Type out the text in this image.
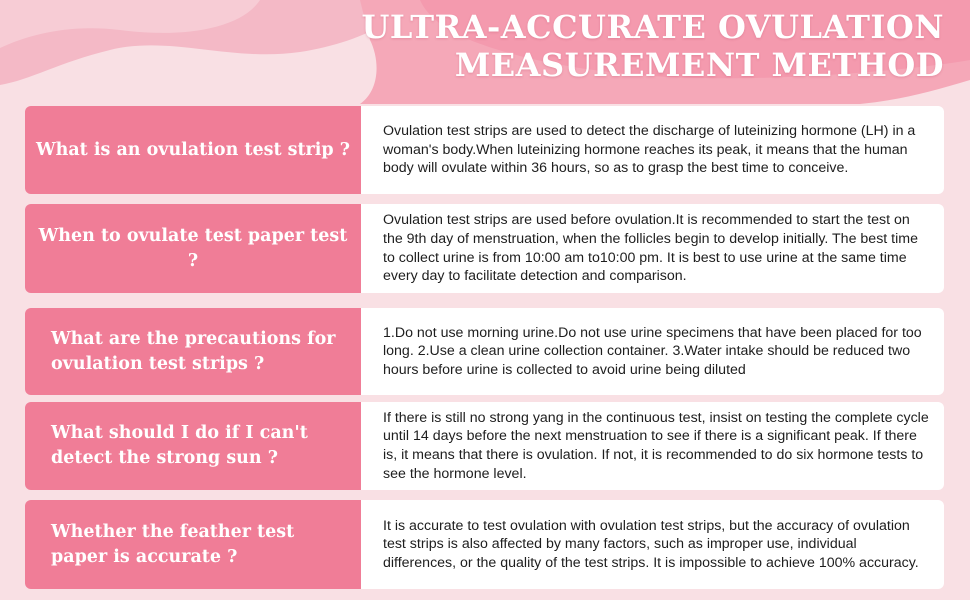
ULTRA-ACCURATE OVULATION
MEASUREMENT METHOD
What is an ovulation test strip ?
Ovulation test strips are used to detect the discharge of luteinizing hormone (LH) in a woman's body.When luteinizing hormone reaches its peak, it means that the human body will ovulate within 36 hours, so as to grasp the best time to conceive.
When to ovulate test paper test ?
Ovulation test strips are used before ovulation.It is recommended to start the test on the 9th day of menstruation, when the follicles begin to develop initially. The best time to collect urine is from 10:00 am to10:00 pm. It is best to use urine at the same time every day to facilitate detection and comparison.
What are the precautions for ovulation test strips ?
1.Do not use morning urine.Do not use urine specimens that have been placed for too long. 2.Use a clean urine collection container. 3.Water intake should be reduced two hours before urine is collected to avoid urine being diluted
What should I do if I can't detect the strong sun ?
If there is still no strong yang in the continuous test, insist on testing the complete cycle until 14 days before the next menstruation to see if there is a significant peak. If there is, it means that there is ovulation. If not, it is recommended to do six hormone tests to see the hormone level.
Whether the feather test paper is accurate ?
It is accurate to test ovulation with ovulation test strips, but the accuracy of ovulation test strips is also affected by many factors, such as improper use, individual differences, or the quality of the test strips. It is impossible to achieve 100% accuracy.
